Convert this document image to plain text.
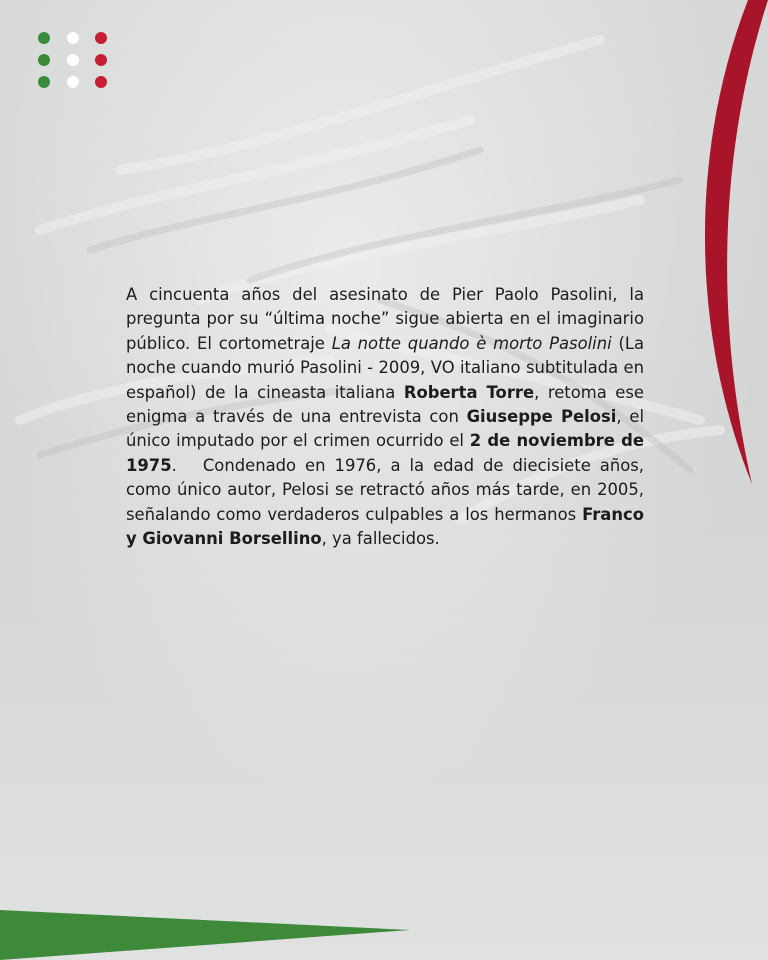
A cincuenta años del asesinato de Pier Paolo Pasolini, la pregunta por su “última noche” sigue abierta en el imaginario público. El cortometraje La notte quando è morto Pasolini (La noche cuando murió Pasolini - 2009, VO italiano subtitulada en español) de la cineasta italiana Roberta Torre, retoma ese enigma a través de una entrevista con Giuseppe Pelosi, el único imputado por el crimen ocurrido el 2 de noviembre de 1975. Condenado en 1976, a la edad de diecisiete años, como único autor, Pelosi se retractó años más tarde, en 2005, señalando como verdaderos culpables a los hermanos Franco y Giovanni Borsellino, ya fallecidos.
